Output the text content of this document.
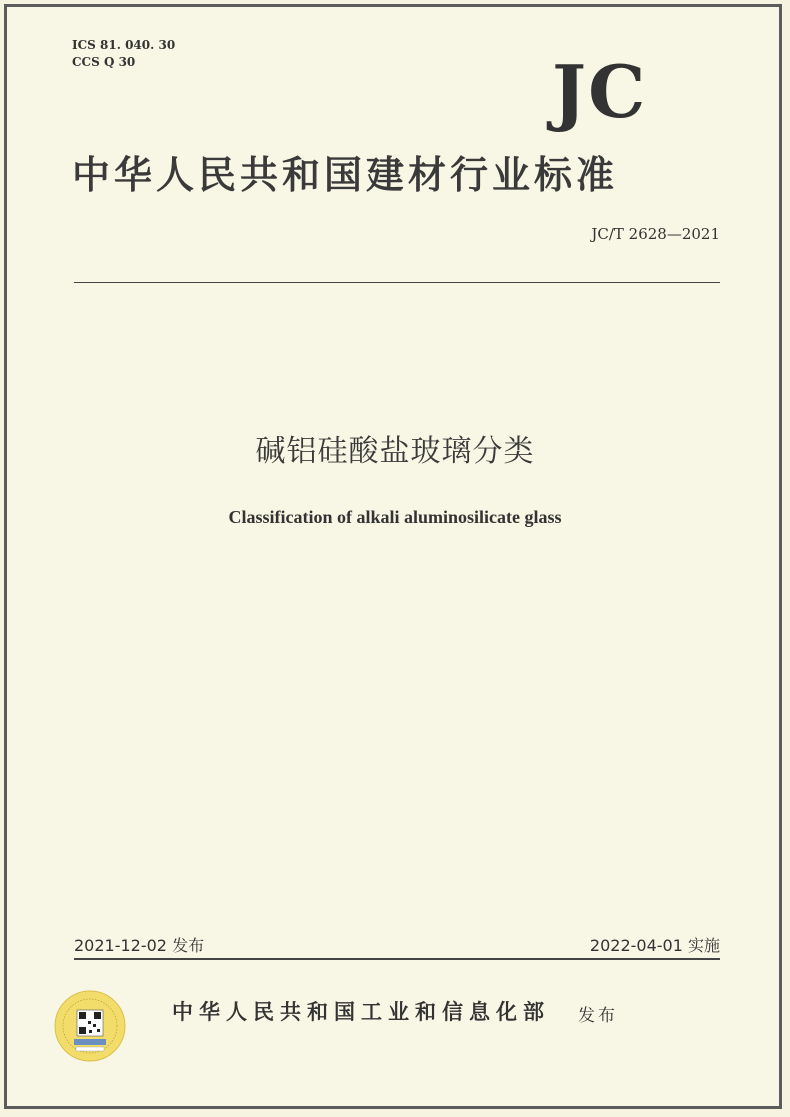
ICS 81. 040. 30
CCS Q 30	JC
中华人民共和国建材行业标准
JC/T 2628—2021
碱铝硅酸盐玻璃分类
Classification of alkali aluminosilicate glass
2021-12-02 发布	2022-04-01 实施
中华人民共和国工业和信息化部 发布
